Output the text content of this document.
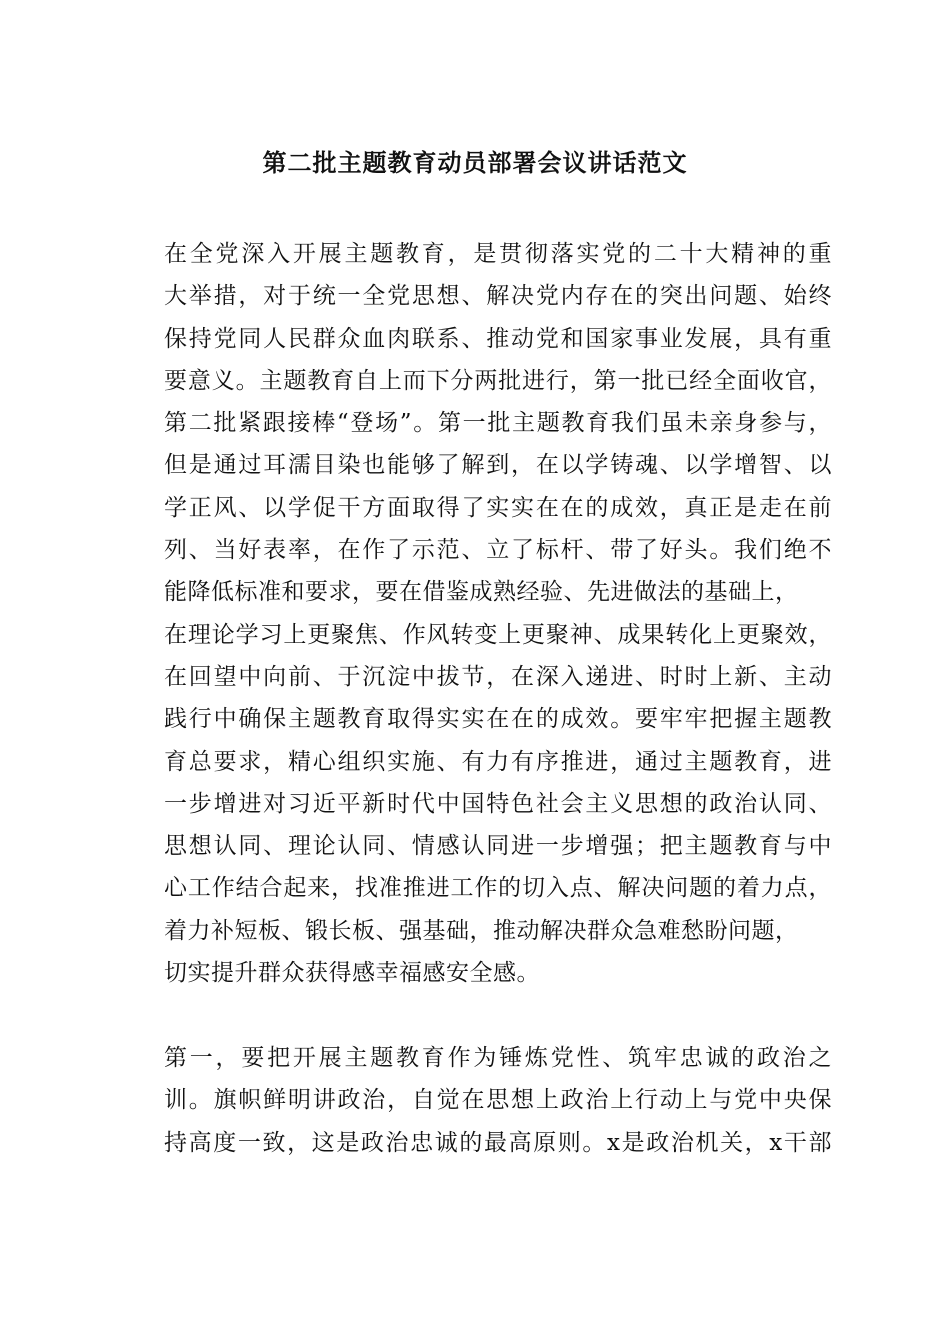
第二批主题教育动员部署会议讲话范文
在全党深入开展主题教育，是贯彻落实党的二十大精神的重
大举措，对于统一全党思想、解决党内存在的突出问题、始终
保持党同人民群众血肉联系、推动党和国家事业发展，具有重
要意义。主题教育自上而下分两批进行，第一批已经全面收官，
第二批紧跟接棒“登场”。第一批主题教育我们虽未亲身参与，
但是通过耳濡目染也能够了解到，在以学铸魂、以学增智、以
学正风、以学促干方面取得了实实在在的成效，真正是走在前
列、当好表率，在作了示范、立了标杆、带了好头。我们绝不
能降低标准和要求，要在借鉴成熟经验、先进做法的基础上，
在理论学习上更聚焦、作风转变上更聚神、成果转化上更聚效，
在回望中向前、于沉淀中拔节，在深入递进、时时上新、主动
践行中确保主题教育取得实实在在的成效。要牢牢把握主题教
育总要求，精心组织实施、有力有序推进，通过主题教育，进
一步增进对习近平新时代中国特色社会主义思想的政治认同、
思想认同、理论认同、情感认同进一步增强；把主题教育与中
心工作结合起来，找准推进工作的切入点、解决问题的着力点，
着力补短板、锻长板、强基础，推动解决群众急难愁盼问题，
切实提升群众获得感幸福感安全感。
第一，要把开展主题教育作为锤炼党性、筑牢忠诚的政治之
训。旗帜鲜明讲政治，自觉在思想上政治上行动上与党中央保
持高度一致，这是政治忠诚的最高原则。x是政治机关，x干部
